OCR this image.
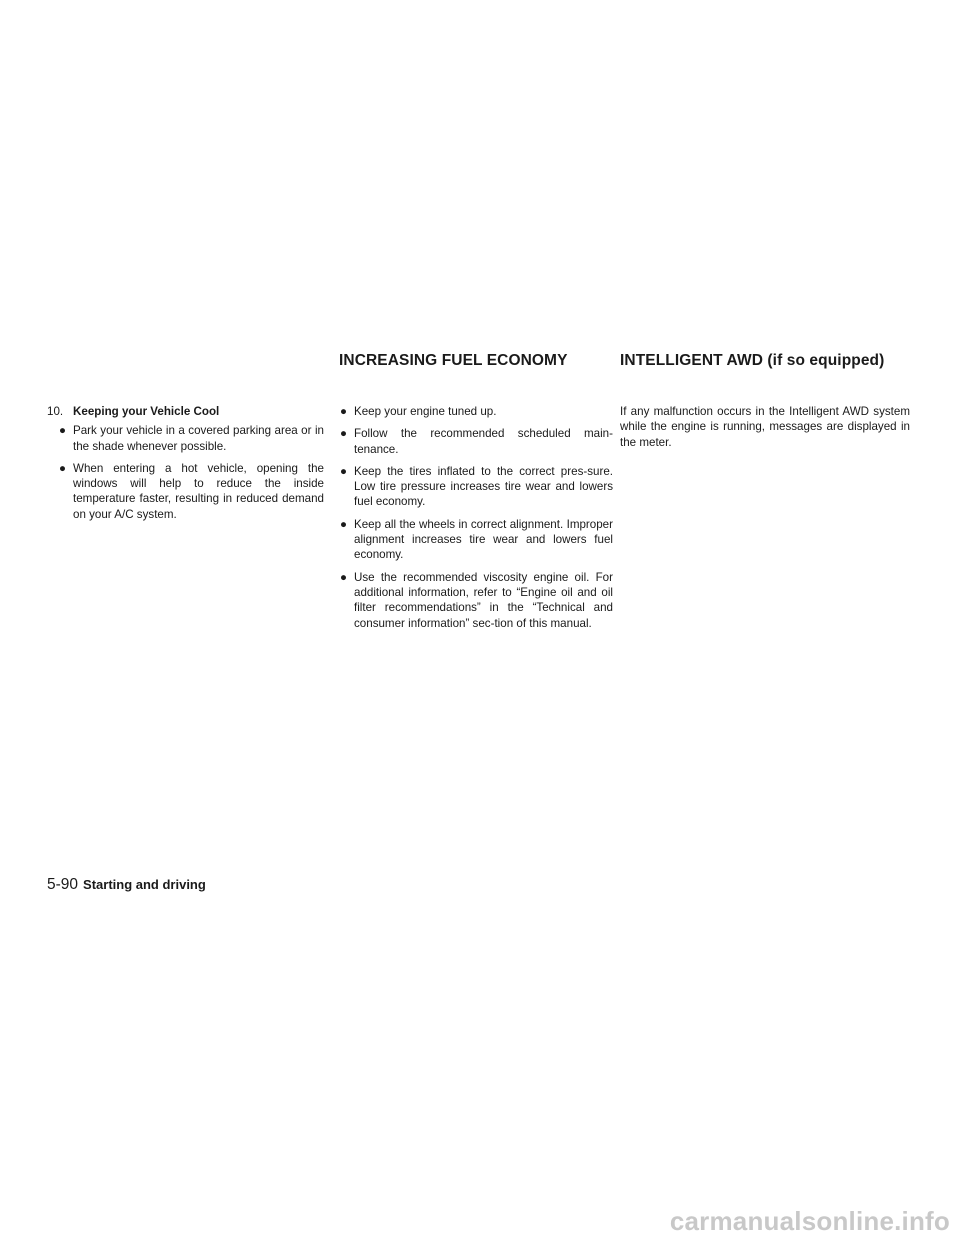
INCREASING FUEL ECONOMY	INTELLIGENT AWD (if so equipped)
10. Keeping your Vehicle Cool
● Park your vehicle in a covered parking area or in the shade whenever possible.
● When entering a hot vehicle, opening the windows will help to reduce the inside temperature faster, resulting in reduced demand on your A/C system.
● Keep your engine tuned up.
● Follow the recommended scheduled main-tenance.
● Keep the tires inflated to the correct pres-sure. Low tire pressure increases tire wear and lowers fuel economy.
● Keep all the wheels in correct alignment. Improper alignment increases tire wear and lowers fuel economy.
● Use the recommended viscosity engine oil. For additional information, refer to “Engine oil and oil filter recommendations” in the “Technical and consumer information” sec-tion of this manual.

If any malfunction occurs in the Intelligent AWD system while the engine is running, messages are displayed in the meter.

5-90 Starting and driving
carmanualsonline.info
